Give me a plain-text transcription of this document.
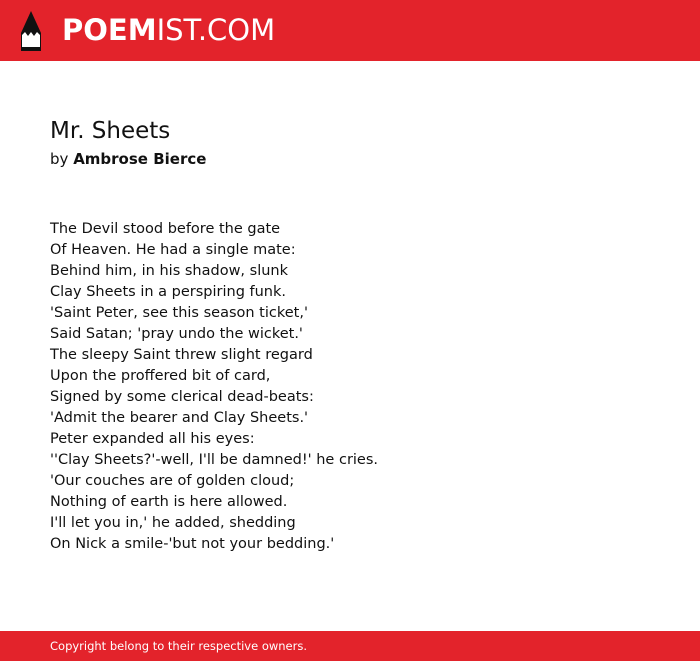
POEMIST.COM
Mr. Sheets
by Ambrose Bierce
The Devil stood before the gate
Of Heaven. He had a single mate:
Behind him, in his shadow, slunk
Clay Sheets in a perspiring funk.
'Saint Peter, see this season ticket,'
Said Satan; 'pray undo the wicket.'
The sleepy Saint threw slight regard
Upon the proffered bit of card,
Signed by some clerical dead-beats:
'Admit the bearer and Clay Sheets.'
Peter expanded all his eyes:
''Clay Sheets?'-well, I'll be damned!' he cries.
'Our couches are of golden cloud;
Nothing of earth is here allowed.
I'll let you in,' he added, shedding
On Nick a smile-'but not your bedding.'
Copyright belong to their respective owners.
